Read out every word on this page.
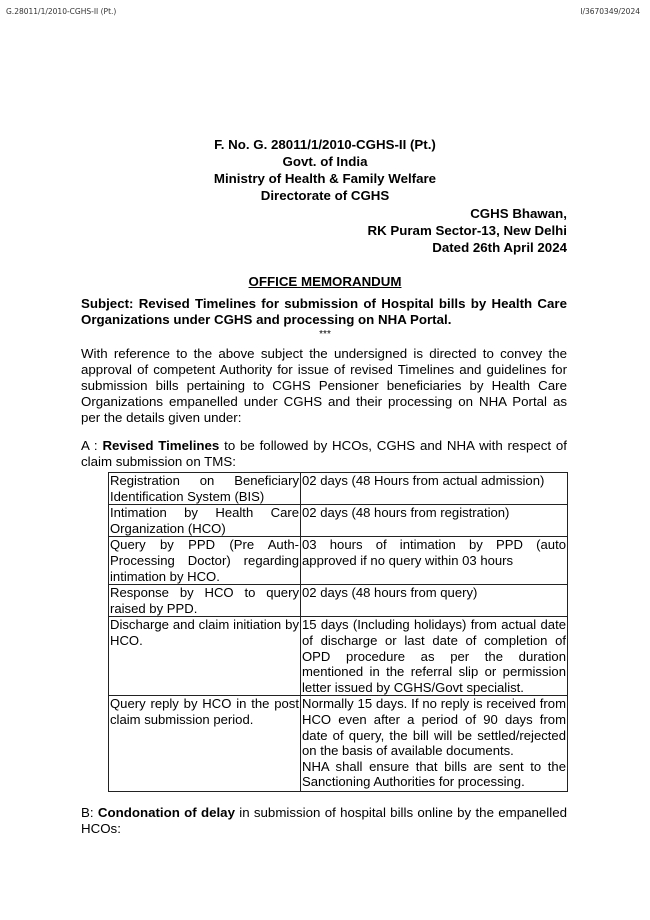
G.28011/1/2010-CGHS-II (Pt.)	I/3670349/2024
F. No. G. 28011/1/2010-CGHS-II (Pt.)
Govt. of India
Ministry of Health & Family Welfare
Directorate of CGHS
CGHS Bhawan,
RK Puram Sector-13, New Delhi
Dated 26th April 2024
OFFICE MEMORANDUM
Subject: Revised Timelines for submission of Hospital bills by Health Care Organizations under CGHS and processing on NHA Portal.
***
With reference to the above subject the undersigned is directed to convey the approval of competent Authority for issue of revised Timelines and guidelines for submission bills pertaining to CGHS Pensioner beneficiaries by Health Care Organizations empanelled under CGHS and their processing on NHA Portal as per the details given under:
A : Revised Timelines to be followed by HCOs, CGHS and NHA with respect of claim submission on TMS:
Registration on Beneficiary Identification System (BIS)	02 days (48 Hours from actual admission)
Intimation by Health Care Organization (HCO)	02 days (48 hours from registration)
Query by PPD (Pre Auth-Processing Doctor) regarding intimation by HCO.	03 hours of intimation by PPD (auto approved if no query within 03 hours
Response by HCO to query raised by PPD.	02 days (48 hours from query)
Discharge and claim initiation by HCO.	15 days (Including holidays) from actual date of discharge or last date of completion of OPD procedure as per the duration mentioned in the referral slip or permission letter issued by CGHS/Govt specialist.
Query reply by HCO in the post claim submission period.	Normally 15 days. If no reply is received from HCO even after a period of 90 days from date of query, the bill will be settled/rejected on the basis of available documents.
NHA shall ensure that bills are sent to the Sanctioning Authorities for processing.
B: Condonation of delay in submission of hospital bills online by the empanelled HCOs:
